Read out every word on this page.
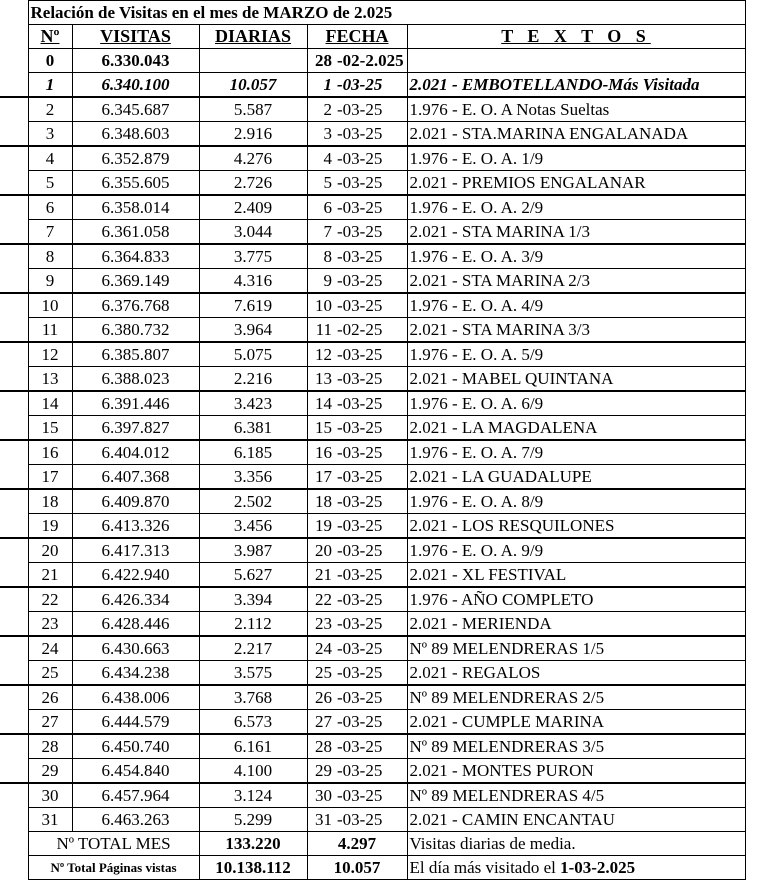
	Relación de Visitas en el mes de MARZO de 2.025					
	Nº	VISITAS	DIARIAS	FECHA		T E X T O S
	0	6.330.043		28	-02-2.025	
	1	6.340.100	10.057	1	-03-25	2.021 - EMBOTELLANDO-Más Visitada
	2	6.345.687	5.587	2	-03-25	1.976 - E. O. A Notas Sueltas
	3	6.348.603	2.916	3	-03-25	2.021 - STA.MARINA ENGALANADA
	4	6.352.879	4.276	4	-03-25	1.976 - E. O. A. 1/9
	5	6.355.605	2.726	5	-03-25	2.021 - PREMIOS ENGALANAR
	6	6.358.014	2.409	6	-03-25	1.976 - E. O. A. 2/9
	7	6.361.058	3.044	7	-03-25	2.021 - STA MARINA 1/3
	8	6.364.833	3.775	8	-03-25	1.976 - E. O. A. 3/9
	9	6.369.149	4.316	9	-03-25	2.021 - STA MARINA 2/3
	10	6.376.768	7.619	10	-03-25	1.976 - E. O. A. 4/9
	11	6.380.732	3.964	11	-02-25	2.021 - STA MARINA 3/3
	12	6.385.807	5.075	12	-03-25	1.976 - E. O. A. 5/9
	13	6.388.023	2.216	13	-03-25	2.021 - MABEL QUINTANA
	14	6.391.446	3.423	14	-03-25	1.976 - E. O. A. 6/9
	15	6.397.827	6.381	15	-03-25	2.021 - LA MAGDALENA
	16	6.404.012	6.185	16	-03-25	1.976 - E. O. A. 7/9
	17	6.407.368	3.356	17	-03-25	2.021 - LA GUADALUPE
	18	6.409.870	2.502	18	-03-25	1.976 - E. O. A. 8/9
	19	6.413.326	3.456	19	-03-25	2.021 - LOS RESQUILONES
	20	6.417.313	3.987	20	-03-25	1.976 - E. O. A. 9/9
	21	6.422.940	5.627	21	-03-25	2.021 - XL FESTIVAL
	22	6.426.334	3.394	22	-03-25	1.976 - AÑO COMPLETO
	23	6.428.446	2.112	23	-03-25	2.021 - MERIENDA
	24	6.430.663	2.217	24	-03-25	Nº 89 MELENDRERAS 1/5
	25	6.434.238	3.575	25	-03-25	2.021 - REGALOS
	26	6.438.006	3.768	26	-03-25	Nº 89 MELENDRERAS 2/5
	27	6.444.579	6.573	27	-03-25	2.021 - CUMPLE MARINA
	28	6.450.740	6.161	28	-03-25	Nº 89 MELENDRERAS 3/5
	29	6.454.840	4.100	29	-03-25	2.021 - MONTES PURON
	30	6.457.964	3.124	30	-03-25	Nº 89 MELENDRERAS 4/5
	31	6.463.263	5.299	31	-03-25	2.021 - CAMIN ENCANTAU
	Nº TOTAL MES		133.220	4.297		Visitas diarias de media.
	Nº Total Páginas vistas		10.138.112	10.057		El día más visitado el 1-03-2.025
